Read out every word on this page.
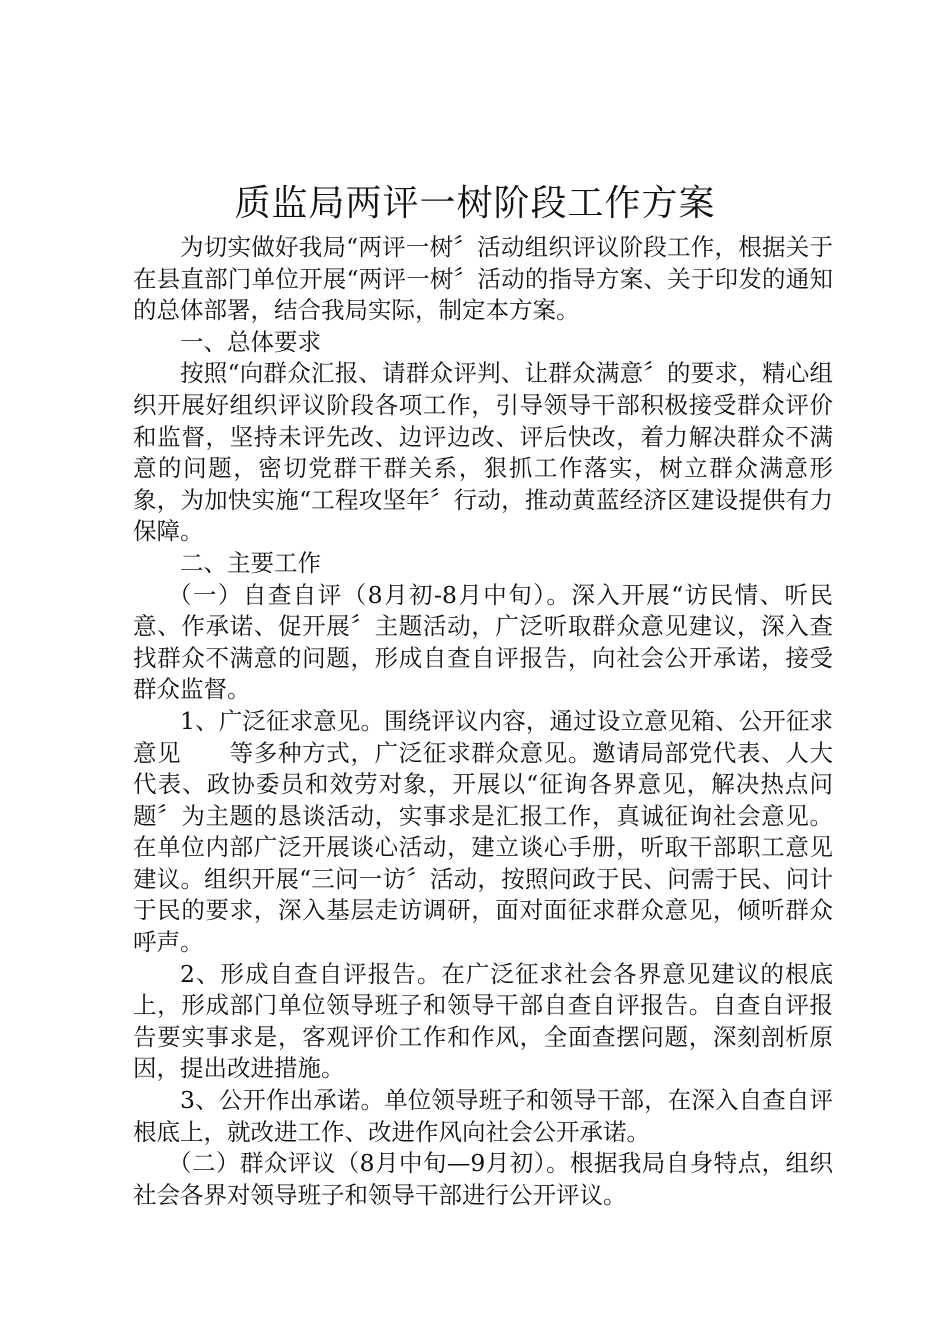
质监局两评一树阶段工作方案

为切实做好我局“两评一树〞活动组织评议阶段工作，根据关于在县直部门单位开展“两评一树〞活动的指导方案、关于印发的通知的总体部署，结合我局实际，制定本方案。

一、总体要求

按照“向群众汇报、请群众评判、让群众满意〞的要求，精心组织开展好组织评议阶段各项工作，引导领导干部积极接受群众评价和监督，坚持未评先改、边评边改、评后快改，着力解决群众不满意的问题，密切党群干群关系，狠抓工作落实，树立群众满意形象，为加快实施“工程攻坚年〞行动，推动黄蓝经济区建设提供有力保障。

二、主要工作

（一）自查自评（8月初-8月中旬）。深入开展“访民情、听民意、作承诺、促开展〞主题活动，广泛听取群众意见建议，深入查找群众不满意的问题，形成自查自评报告，向社会公开承诺，接受群众监督。

1、广泛征求意见。围绕评议内容，通过设立意见箱、公开征求意见　　等多种方式，广泛征求群众意见。邀请局部党代表、人大代表、政协委员和效劳对象，开展以“征询各界意见，解决热点问题〞为主题的恳谈活动，实事求是汇报工作，真诚征询社会意见。在单位内部广泛开展谈心活动，建立谈心手册，听取干部职工意见建议。组织开展“三问一访〞活动，按照问政于民、问需于民、问计于民的要求，深入基层走访调研，面对面征求群众意见，倾听群众呼声。

2、形成自查自评报告。在广泛征求社会各界意见建议的根底上，形成部门单位领导班子和领导干部自查自评报告。自查自评报告要实事求是，客观评价工作和作风，全面查摆问题，深刻剖析原因，提出改进措施。

3、公开作出承诺。单位领导班子和领导干部，在深入自查自评根底上，就改进工作、改进作风向社会公开承诺。

（二）群众评议（8月中旬—9月初）。根据我局自身特点，组织社会各界对领导班子和领导干部进行公开评议。
